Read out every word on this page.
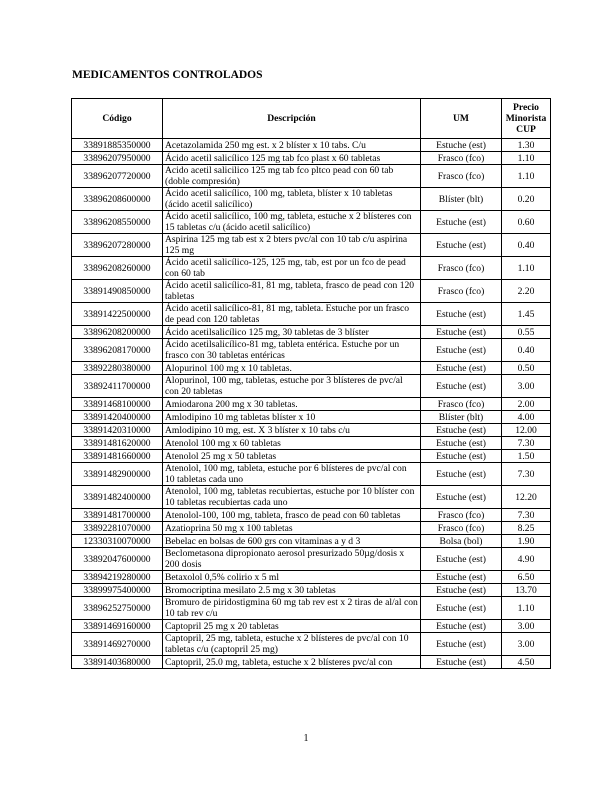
MEDICAMENTOS CONTROLADOS
Código	Descripción	UM	Precio Minorista CUP
33891885350000	Acetazolamida 250 mg est. x 2 blíster x 10 tabs. C/u	Estuche (est)	1.30
33896207950000	Ácido acetil salicílico 125 mg tab fco plast x 60 tabletas	Frasco (fco)	1.10
33896207720000	Acido acetil salicilico 125 mg tab fco pltco pead con 60 tab (doble compresión)	Frasco (fco)	1.10
33896208600000	Ácido acetil salicílico, 100 mg, tableta, blíster x 10 tabletas (ácido acetil salicílico)	Blíster (blt)	0.20
33896208550000	Ácido acetil salicílico, 100 mg, tableta, estuche x 2 blísteres con 15 tabletas c/u (ácido acetil salicílico)	Estuche (est)	0.60
33896207280000	Aspirina 125 mg tab est x 2 bters pvc/al con 10 tab c/u aspirina 125 mg	Estuche (est)	0.40
33896208260000	Ácido acetil salicílico-125, 125 mg, tab, est por un fco de pead con 60 tab	Frasco (fco)	1.10
33891490850000	Ácido acetil salicílico-81, 81 mg, tableta, frasco de pead con 120 tabletas	Frasco (fco)	2.20
33891422500000	Ácido acetil salicílico-81, 81 mg, tableta. Estuche por un frasco de pead con 120 tabletas	Estuche (est)	1.45
33896208200000	Ácido acetilsalicílico 125 mg, 30 tabletas de 3 blíster	Estuche (est)	0.55
33896208170000	Ácido acetilsalicílico-81 mg, tableta entérica. Estuche por un frasco con 30 tabletas entéricas	Estuche (est)	0.40
33892280380000	Alopurinol 100 mg x 10 tabletas.	Estuche (est)	0.50
33892411700000	Alopurinol, 100 mg, tabletas, estuche por 3 blísteres de pvc/al con 20 tabletas	Estuche (est)	3.00
33891468100000	Amiodarona 200 mg x 30 tabletas.	Frasco (fco)	2.00
33891420400000	Amlodipino 10 mg tabletas blíster x 10	Blíster (blt)	4.00
33891420310000	Amlodipino 10 mg, est. X 3 blíster x 10 tabs c/u	Estuche (est)	12.00
33891481620000	Atenolol 100 mg x 60 tabletas	Estuche (est)	7.30
33891481660000	Atenolol 25 mg x 50 tabletas	Estuche (est)	1.50
33891482900000	Atenolol, 100 mg, tableta, estuche por 6 blísteres de pvc/al con 10 tabletas cada uno	Estuche (est)	7.30
33891482400000	Atenolol, 100 mg, tabletas recubiertas, estuche por 10 blíster con 10 tabletas recubiertas cada uno	Estuche (est)	12.20
33891481700000	Atenolol-100, 100 mg, tableta, frasco de pead con 60 tabletas	Frasco (fco)	7.30
33892281070000	Azatioprina 50 mg x 100 tabletas	Frasco (fco)	8.25
12330310070000	Bebelac en bolsas de 600 grs con vitaminas a y d 3	Bolsa (bol)	1.90
33892047600000	Beclometasona dipropionato aerosol presurizado 50µg/dosis x 200 dosis	Estuche (est)	4.90
33894219280000	Betaxolol 0,5% colirio x 5 ml	Estuche (est)	6.50
33899975400000	Bromocriptina mesilato 2.5 mg x 30 tabletas	Estuche (est)	13.70
33896252750000	Bromuro de piridostigmina 60 mg tab rev est x 2 tiras de al/al con 10 tab rev c/u	Estuche (est)	1.10
33891469160000	Captopril 25 mg x 20 tabletas	Estuche (est)	3.00
33891469270000	Captopril, 25 mg, tableta, estuche x 2 blísteres de pvc/al con 10 tabletas c/u (captopril 25 mg)	Estuche (est)	3.00
33891403680000	Captopril, 25.0 mg, tableta, estuche x 2 blísteres pvc/al con	Estuche (est)	4.50
1
